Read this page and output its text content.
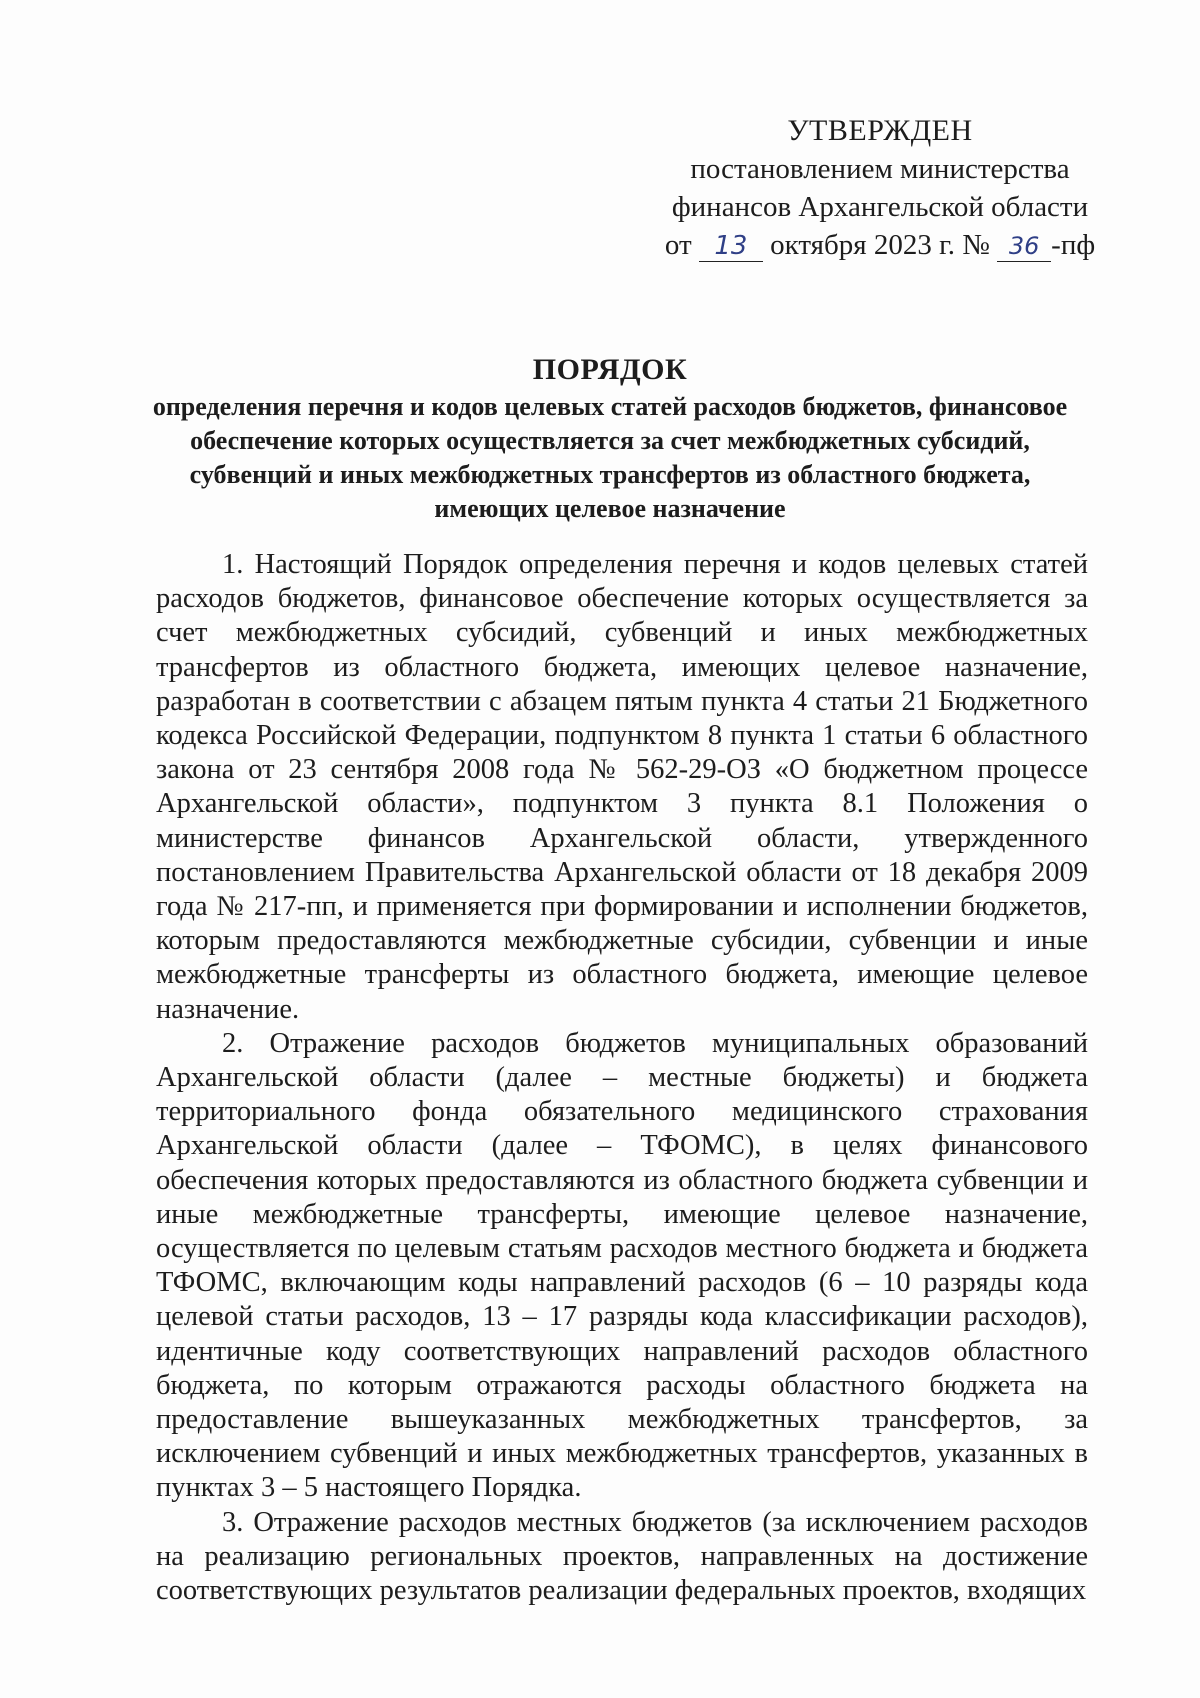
УТВЕРЖДЕН
постановлением министерства
финансов Архангельской области
от 13 октября 2023 г. № 36 -пф
ПОРЯДОК
определения перечня и кодов целевых статей расходов бюджетов, финансовое обеспечение которых осуществляется за счет межбюджетных субсидий, субвенций и иных межбюджетных трансфертов из областного бюджета, имеющих целевое назначение

1. Настоящий Порядок определения перечня и кодов целевых статей расходов бюджетов, финансовое обеспечение которых осуществляется за счет межбюджетных субсидий, субвенций и иных межбюджетных трансфертов из областного бюджета, имеющих целевое назначение, разработан в соответствии с абзацем пятым пункта 4 статьи 21 Бюджетного кодекса Российской Федерации, подпунктом 8 пункта 1 статьи 6 областного закона от 23 сентября 2008 года № 562-29-ОЗ «О бюджетном процессе Архангельской области», подпунктом 3 пункта 8.1 Положения о министерстве финансов Архангельской области, утвержденного постановлением Правительства Архангельской области от 18 декабря 2009 года № 217-пп, и применяется при формировании и исполнении бюджетов, которым предоставляются межбюджетные субсидии, субвенции и иные межбюджетные трансферты из областного бюджета, имеющие целевое назначение.

2. Отражение расходов бюджетов муниципальных образований Архангельской области (далее – местные бюджеты) и бюджета территориального фонда обязательного медицинского страхования Архангельской области (далее – ТФОМС), в целях финансового обеспечения которых предоставляются из областного бюджета субвенции и иные межбюджетные трансферты, имеющие целевое назначение, осуществляется по целевым статьям расходов местного бюджета и бюджета ТФОМС, включающим коды направлений расходов (6 – 10 разряды кода целевой статьи расходов, 13 – 17 разряды кода классификации расходов), идентичные коду соответствующих направлений расходов областного бюджета, по которым отражаются расходы областного бюджета на предоставление вышеуказанных межбюджетных трансфертов, за исключением субвенций и иных межбюджетных трансфертов, указанных в пунктах 3 – 5 настоящего Порядка.

3. Отражение расходов местных бюджетов (за исключением расходов на реализацию региональных проектов, направленных на достижение соответствующих результатов реализации федеральных проектов, входящих
